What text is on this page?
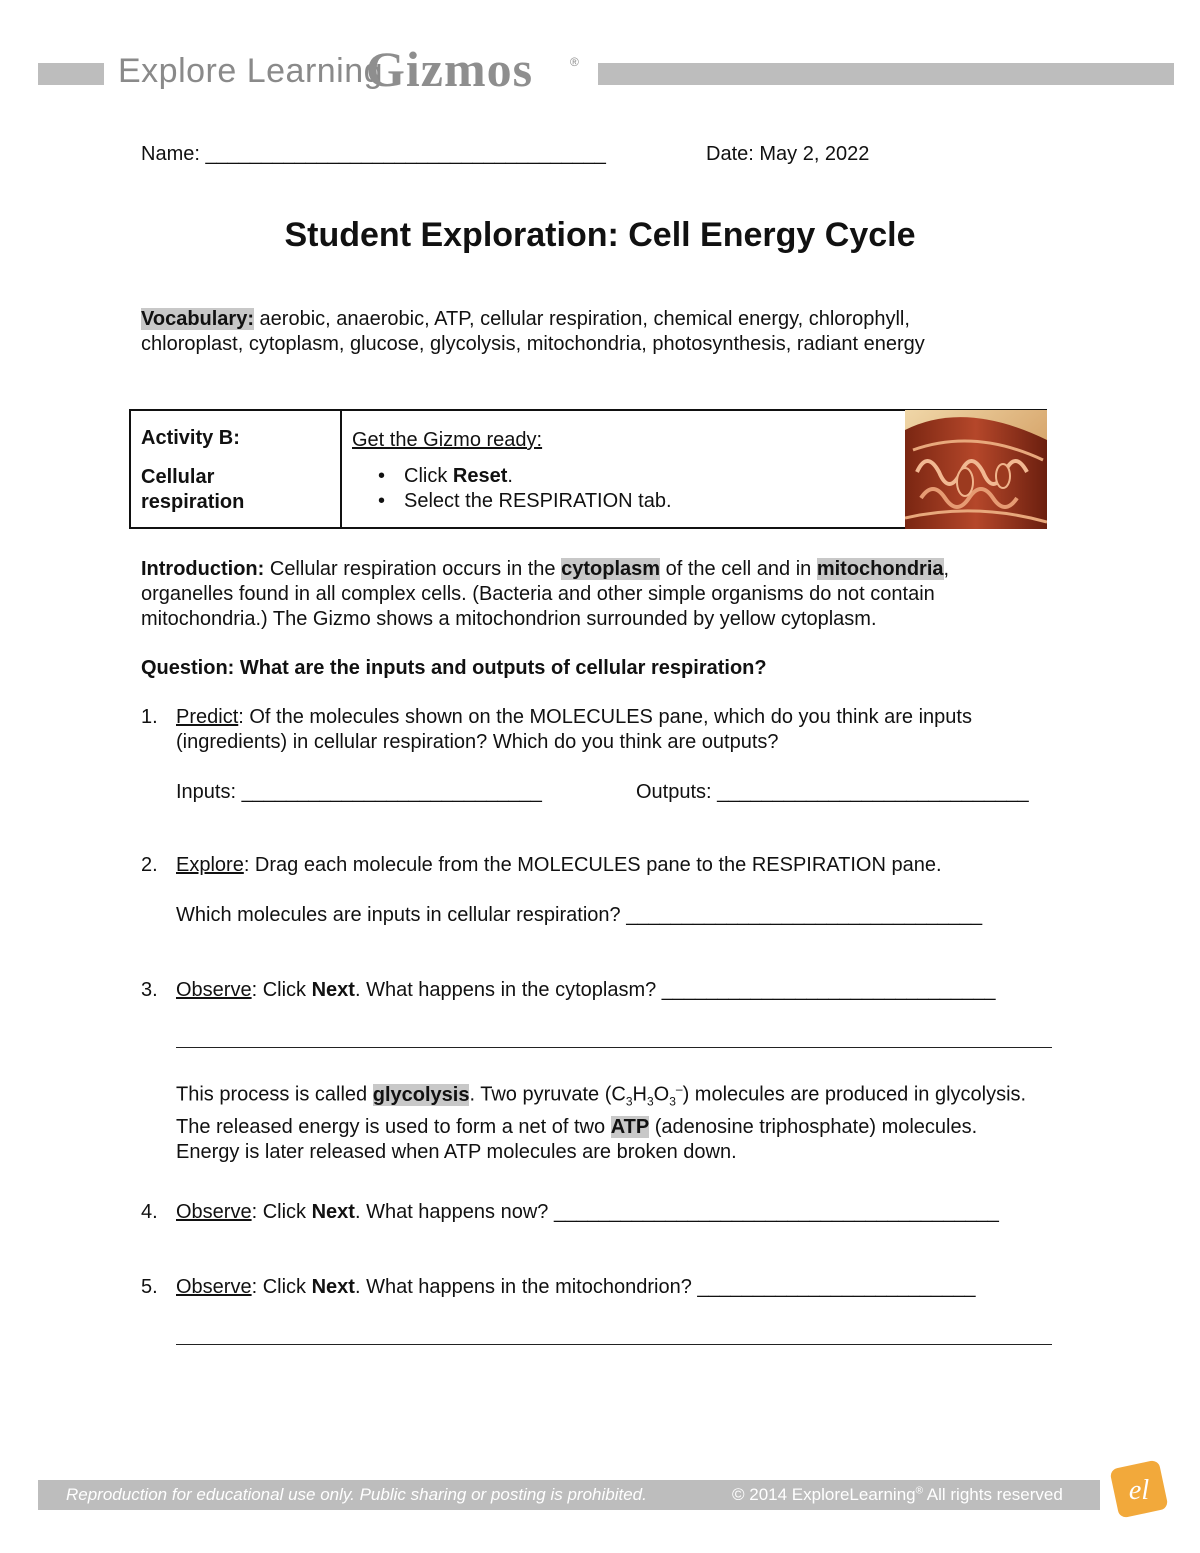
Explore Learning
Gizmos	®
Name: ____________________________________	Date: May 2, 2022
Student Exploration: Cell Energy Cycle
Vocabulary: aerobic, anaerobic, ATP, cellular respiration, chemical energy, chlorophyll,
chloroplast, cytoplasm, glucose, glycolysis, mitochondria, photosynthesis, radiant energy
Activity B:
Cellular
respiration
Get the Gizmo ready:
• Click Reset.
• Select the RESPIRATION tab.
Introduction: Cellular respiration occurs in the cytoplasm of the cell and in mitochondria, organelles found in all complex cells. (Bacteria and other simple organisms do not contain mitochondria.) The Gizmo shows a mitochondrion surrounded by yellow cytoplasm.
Question: What are the inputs and outputs of cellular respiration?
1. Predict: Of the molecules shown on the MOLECULES pane, which do you think are inputs (ingredients) in cellular respiration? Which do you think are outputs?
Inputs: ___________________________	Outputs: ____________________________
2. Explore: Drag each molecule from the MOLECULES pane to the RESPIRATION pane.
Which molecules are inputs in cellular respiration? ________________________________
3. Observe: Click Next. What happens in the cytoplasm? ______________________________
This process is called glycolysis. Two pyruvate $(C_3H_3O_3^-)$ molecules are produced in glycolysis. The released energy is used to form a net of two ATP (adenosine triphosphate) molecules. Energy is later released when ATP molecules are broken down.
4. Observe: Click Next. What happens now? ________________________________________
5. Observe: Click Next. What happens in the mitochondrion? _________________________
Reproduction for educational use only. Public sharing or posting is prohibited.	© 2014 ExploreLearning® All rights reserved el
